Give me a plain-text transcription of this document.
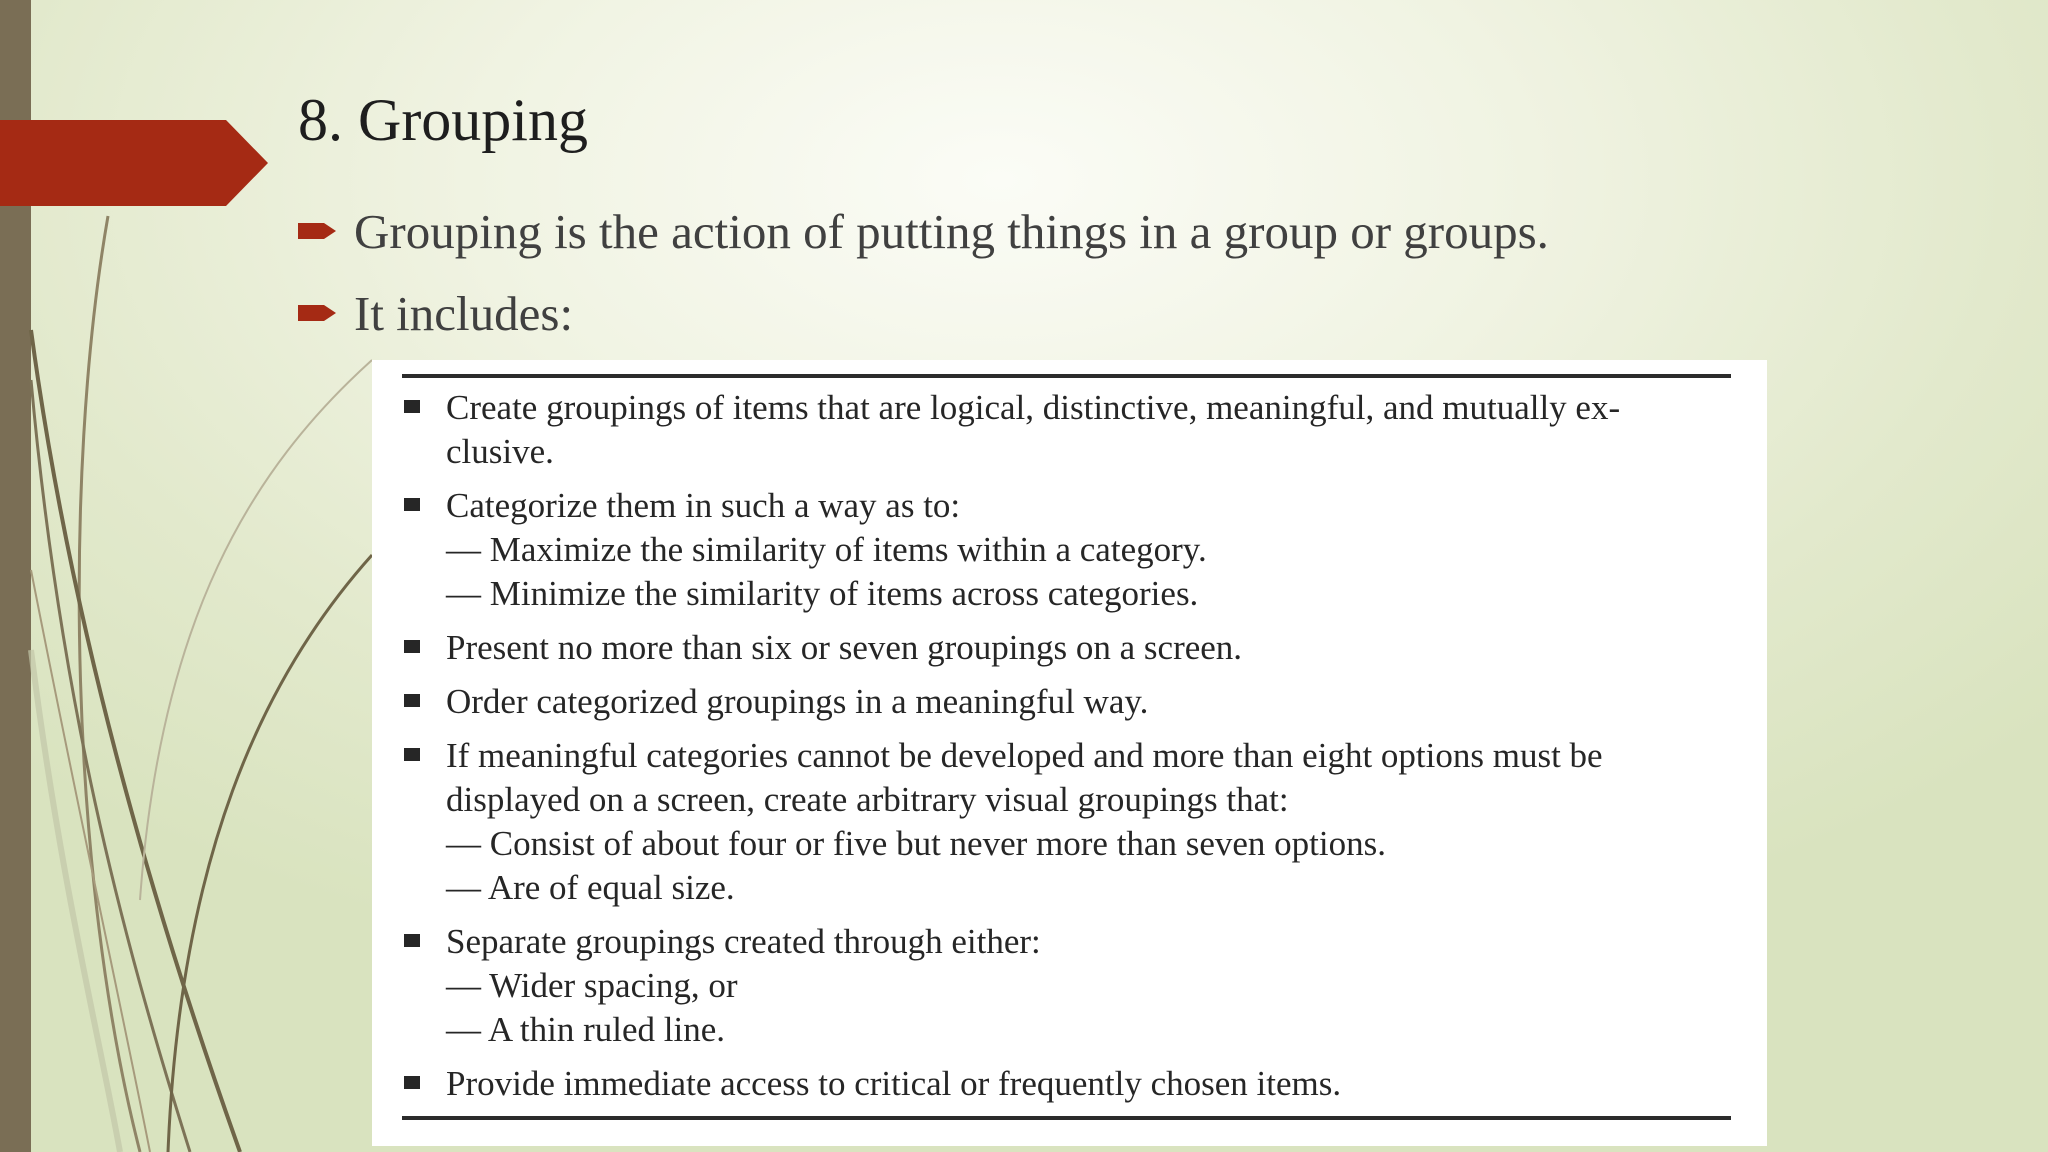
8. Grouping
Grouping is the action of putting things in a group or groups.
It includes:
Create groupings of items that are logical, distinctive, meaningful, and mutually ex- clusive.
Categorize them in such a way as to:
— Maximize the similarity of items within a category.
— Minimize the similarity of items across categories.
Present no more than six or seven groupings on a screen.
Order categorized groupings in a meaningful way.
If meaningful categories cannot be developed and more than eight options must be displayed on a screen, create arbitrary visual groupings that:
— Consist of about four or five but never more than seven options.
— Are of equal size.
Separate groupings created through either:
— Wider spacing, or
— A thin ruled line.
Provide immediate access to critical or frequently chosen items.
